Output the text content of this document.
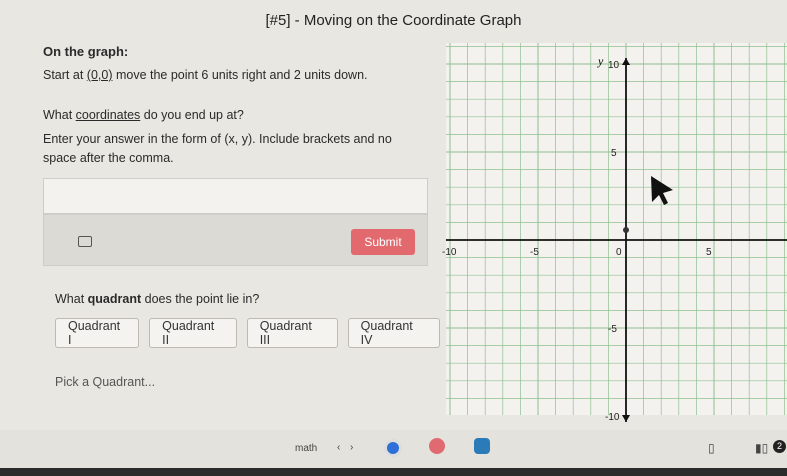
[#5] - Moving on the Coordinate Graph
On the graph:
Start at (0,0) move the point 6 units right and 2 units down.
What coordinates do you end up at?
Enter your answer in the form of (x, y). Include brackets and no space after the comma.
Submit
What quadrant does the point lie in?
Quadrant I
Quadrant II
Quadrant III
Quadrant IV
Pick a Quadrant...
-10	-5	0	5
10
5
-5
-10
y
math ‹ ›	▯	▮▯ 2
